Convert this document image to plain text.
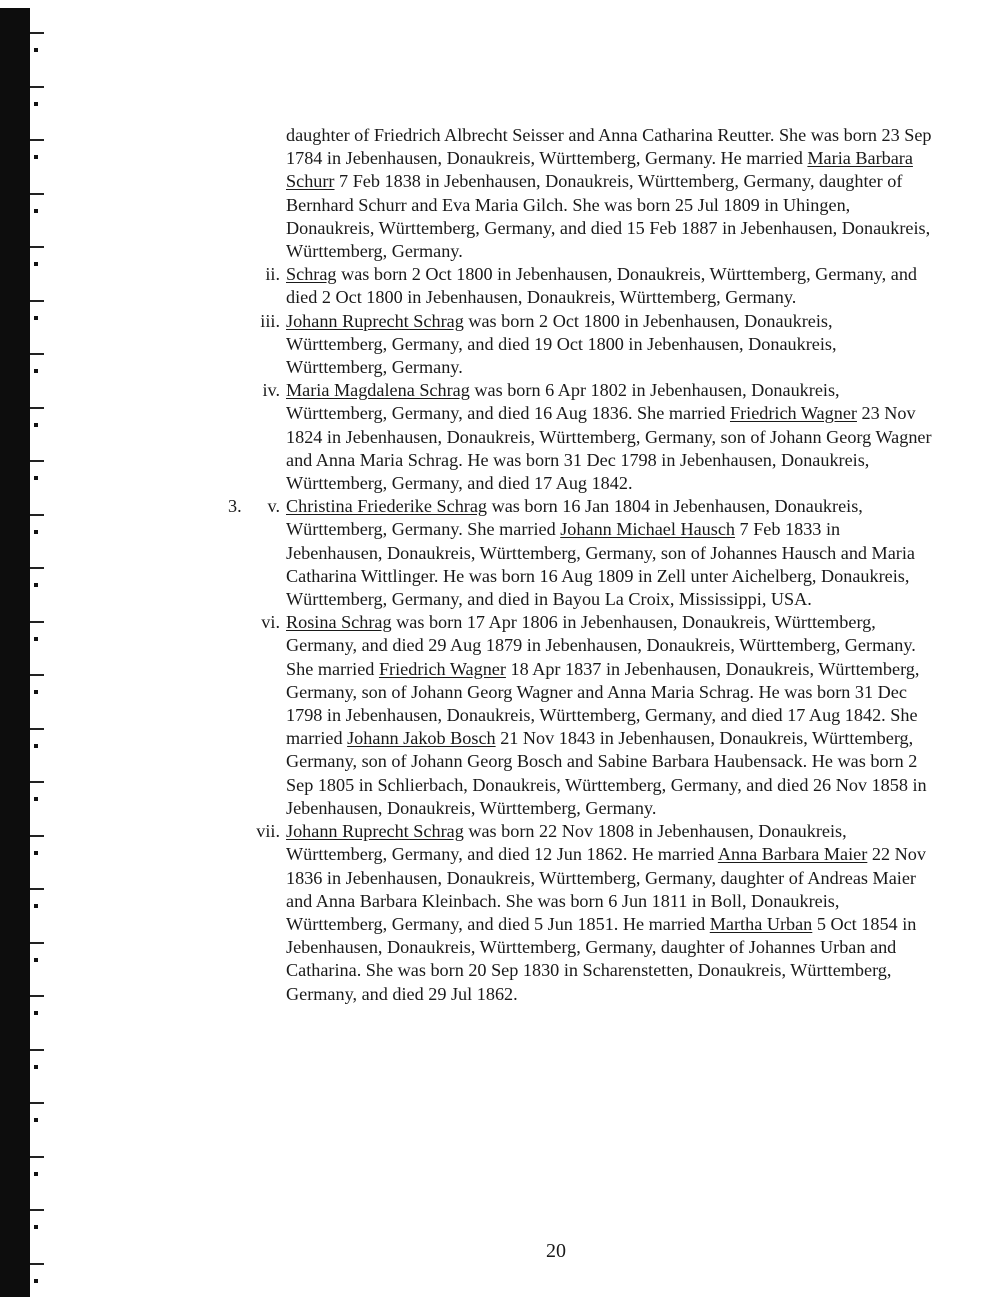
daughter of Friedrich Albrecht Seisser and Anna Catharina Reutter. She was born 23 Sep 1784 in Jebenhausen, Donaukreis, Württemberg, Germany. He married Maria Barbara Schurr 7 Feb 1838 in Jebenhausen, Donaukreis, Württemberg, Germany, daughter of Bernhard Schurr and Eva Maria Gilch. She was born 25 Jul 1809 in Uhingen, Donaukreis, Württemberg, Germany, and died 15 Feb 1887 in Jebenhausen, Donaukreis, Württemberg, Germany.
ii. Schrag was born 2 Oct 1800 in Jebenhausen, Donaukreis, Württemberg, Germany, and died 2 Oct 1800 in Jebenhausen, Donaukreis, Württemberg, Germany.
iii. Johann Ruprecht Schrag was born 2 Oct 1800 in Jebenhausen, Donaukreis, Württemberg, Germany, and died 19 Oct 1800 in Jebenhausen, Donaukreis, Württemberg, Germany.
iv. Maria Magdalena Schrag was born 6 Apr 1802 in Jebenhausen, Donaukreis, Württemberg, Germany, and died 16 Aug 1836. She married Friedrich Wagner 23 Nov 1824 in Jebenhausen, Donaukreis, Württemberg, Germany, son of Johann Georg Wagner and Anna Maria Schrag. He was born 31 Dec 1798 in Jebenhausen, Donaukreis, Württemberg, Germany, and died 17 Aug 1842.
3. v. Christina Friederike Schrag was born 16 Jan 1804 in Jebenhausen, Donaukreis, Württemberg, Germany. She married Johann Michael Hausch 7 Feb 1833 in Jebenhausen, Donaukreis, Württemberg, Germany, son of Johannes Hausch and Maria Catharina Wittlinger. He was born 16 Aug 1809 in Zell unter Aichelberg, Donaukreis, Württemberg, Germany, and died in Bayou La Croix, Mississippi, USA.
vi. Rosina Schrag was born 17 Apr 1806 in Jebenhausen, Donaukreis, Württemberg, Germany, and died 29 Aug 1879 in Jebenhausen, Donaukreis, Württemberg, Germany. She married Friedrich Wagner 18 Apr 1837 in Jebenhausen, Donaukreis, Württemberg, Germany, son of Johann Georg Wagner and Anna Maria Schrag. He was born 31 Dec 1798 in Jebenhausen, Donaukreis, Württemberg, Germany, and died 17 Aug 1842. She married Johann Jakob Bosch 21 Nov 1843 in Jebenhausen, Donaukreis, Württemberg, Germany, son of Johann Georg Bosch and Sabine Barbara Haubensack. He was born 2 Sep 1805 in Schlierbach, Donaukreis, Württemberg, Germany, and died 26 Nov 1858 in Jebenhausen, Donaukreis, Württemberg, Germany.
vii. Johann Ruprecht Schrag was born 22 Nov 1808 in Jebenhausen, Donaukreis, Württemberg, Germany, and died 12 Jun 1862. He married Anna Barbara Maier 22 Nov 1836 in Jebenhausen, Donaukreis, Württemberg, Germany, daughter of Andreas Maier and Anna Barbara Kleinbach. She was born 6 Jun 1811 in Boll, Donaukreis, Württemberg, Germany, and died 5 Jun 1851. He married Martha Urban 5 Oct 1854 in Jebenhausen, Donaukreis, Württemberg, Germany, daughter of Johannes Urban and Catharina. She was born 20 Sep 1830 in Scharenstetten, Donaukreis, Württemberg, Germany, and died 29 Jul 1862.
20
